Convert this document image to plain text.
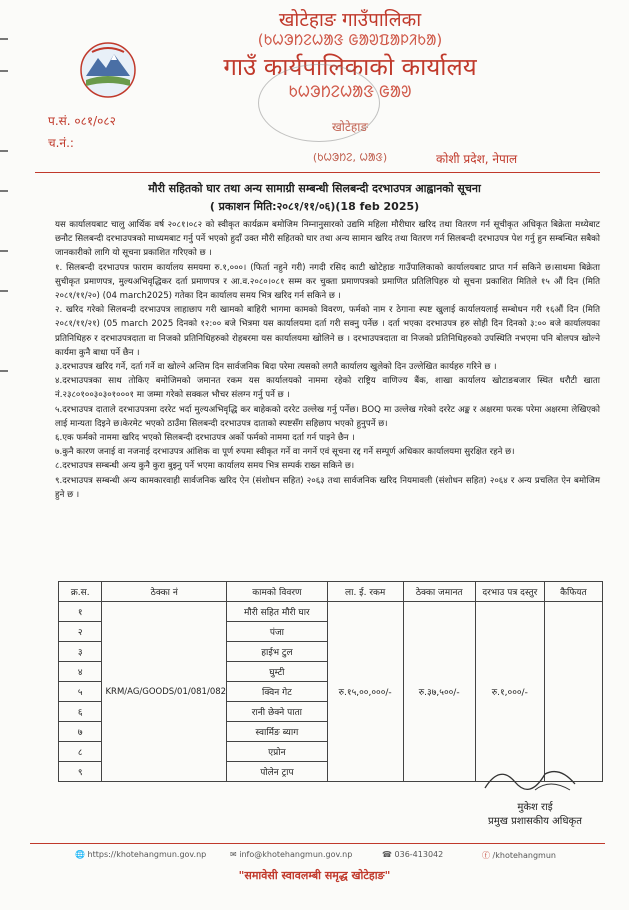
खोटेहाङ गाउँपालिका
(ᱠᱦᱳᱴᱮᱦᱟᱝ ᱜᱟᱣᱯᱟᱞᱤᱠᱟ)
गाउँ कार्यपालिकाको कार्यालय
ᱠᱦᱳᱴᱮᱦᱟᱝ ᱜᱟᱣ
खोटेहाङ
(ᱠᱦᱳᱴᱮ, ᱦᱟᱝ)
प.सं. ०८१/०८२
च.नं.:
कोशी प्रदेश, नेपाल
मौरी सहितको घार तथा अन्य सामाग्री सम्बन्धी सिलबन्दी दरभाउपत्र आह्वानको सूचना
( प्रकाशन मिति:२०८१/११/०६)(18 feb 2025)

यस कार्यालयबाट चालु आर्थिक वर्ष २०८१।०८२ को स्वीकृत कार्यक्रम बमोजिम निम्नानुसारको उद्यमि महिला मौरीघार खरिद तथा वितरण गर्न सूचीकृत अधिकृत बिक्रेता मध्येबाट छनौट सिलबन्दी दरभाउपत्रको माध्यमबाट गर्नु पर्ने भएको हुदाँ उक्त मौरी सहितको घार तथा अन्य सामान खरिद तथा वितरण गर्न सिलबन्दी दरभाउपत्र पेश गर्नु हुन सम्बन्धित सबैको जानकारीको लागि यो सूचना प्रकाशित गरिएको छ ।

१. सिलबन्दी दरभाउपत्र फाराम कार्यालय समयमा रु.१,०००। (फिर्ता नहुने गरी) नगदी रसिद काटी खोटेहाङ गाउँपालिकाको कार्यालयबाट प्राप्त गर्न सकिने छ।साथमा बिक्रेता सुचीकृत प्रमाणपत्र, मुल्यअभिवृद्धिकर दर्ता प्रमाणपत्र र आ.व.२०८०।०८१ सम्म कर चुक्ता प्रमाणपत्रको प्रमाणित प्रतिलिपिहरु यो सूचना प्रकाशित मितिले १५ औं दिन (मिति २०८१/११/२०) (04 march2025) गतेका दिन कार्यालय समय भित्र खरिद गर्न सकिने छ ।

२. खरिद गरेको सिलबन्दी दरभाउपत्र लाहाछाप गरी खामको बाहिरी भागमा कामको विवरण, फर्मको नाम र ठेगाना स्पष्ट खुलाई कार्यालयलाई सम्बोधन गरी १६औं दिन (मिति २०८१/११/२१) (05 march 2025 दिनको १२:०० बजे भित्रमा यस कार्यालयमा दर्ता गरी सक्नु पर्नेछ । दर्ता भएका दरभाउपत्र हरु सोही दिन दिनको ३:०० बजे कार्यालयका प्रतिनिधिहरु र दरभाउपत्रदाता वा निजको प्रतिनिधिहरुको रोहबरमा यस कार्यालयमा खोलिने छ । दरभाउपत्रदाता वा निजको प्रतिनिधिहरुको उपस्थिति नभएमा पनि बोलपत्र खोल्ने कार्यमा कुनै बाधा पर्ने छैन ।

३.दरभाउपत्र खरिद गर्ने, दर्ता गर्ने वा खोल्ने अन्तिम दिन सार्वजनिक बिदा परेमा त्यसको लगतै कार्यालय खुलेको दिन उल्लेखित कार्यहरु गरिने छ ।

४.दरभाउपत्रका साथ तोकिए बमोजिमको जमानत रकम यस कार्यालयको नाममा रहेको राष्ट्रिय वाणिज्य बैंक, शाखा कार्यालय खोटाङबजार स्थित धरौटी खाता नं.२३८०१००३०३०१०००१ मा जम्मा गरेको सक्कल भौचर संलग्न गर्नु पर्ने छ ।

५.दरभाउपत्र दाताले दरभाउपत्रमा दररेट भर्दा मुल्यअभिवृद्धि कर बाहेकको दररेट उल्लेख गर्नु पर्नेछ। BOQ मा उल्लेख गरेको दररेट अङ्क र अक्षरमा फरक परेमा अक्षरमा लेखिएको लाई मान्यता दिइने छ।केरमेट भएको ठाउँमा सिलबन्दी दरभाउपत्र दाताको स्पष्टसँग सहिछाप भएको हुनुपर्ने छ।

६.एक फर्मको नाममा खरिद भएको सिलबन्दी दरभाउपत्र अर्को फर्मको नाममा दर्ता गर्न पाइने छैन ।

७.कुनै कारण जनाई वा नजनाई दरभाउपत्र आंशिक वा पूर्ण रुपमा स्वीकृत गर्ने वा नगर्ने एवं सूचना रद्द गर्ने सम्पूर्ण अधिकार कार्यालयमा सुरक्षित रहने छ।

८.दरभाउपत्र सम्बन्धी अन्य कुनै कुरा बुझ्नु पर्ने भएमा कार्यालय समय भित्र सम्पर्क राख्न सकिने छ।

९.दरभाउपत्र सम्बन्धी अन्य कामकारवाही सार्वजनिक खरिद ऐन (संशोधन सहित) २०६३ तथा सार्वजनिक खरिद नियमावली (संशोधन सहित) २०६४ र अन्य प्रचलित ऐन बमोजिम हुने छ ।

क्र.स.	ठेक्का नं	कामको विवरण	ला. ई. रकम	ठेक्का जमानत	दरभाउ पत्र दस्तुर	कैफियत
१	KRM/AG/GOODS/01/081/082	मौरी सहित मौरी घार	रु.१५,००,०००/-	रु.३७,५००/-	रु.१,०००/-	
२		पंजा				
३		हाईभ टुल				
४		घुम्टी				
५		क्विन गेट				
६		रानी छेक्ने पाता				
७		स्वार्मिङ ब्याग				
८		एप्रोन				
९		पोलेन ट्राप				
मुकेश राई
प्रमुख प्रशासकीय अधिकृत
🌐 https://khotehangmun.gov.np	✉ info@khotehangmun.gov.np	☎ 036-413042	ⓕ /khotehangmun
"समावेसी स्वावलम्बी समृद्ध खोटेहाङ"
